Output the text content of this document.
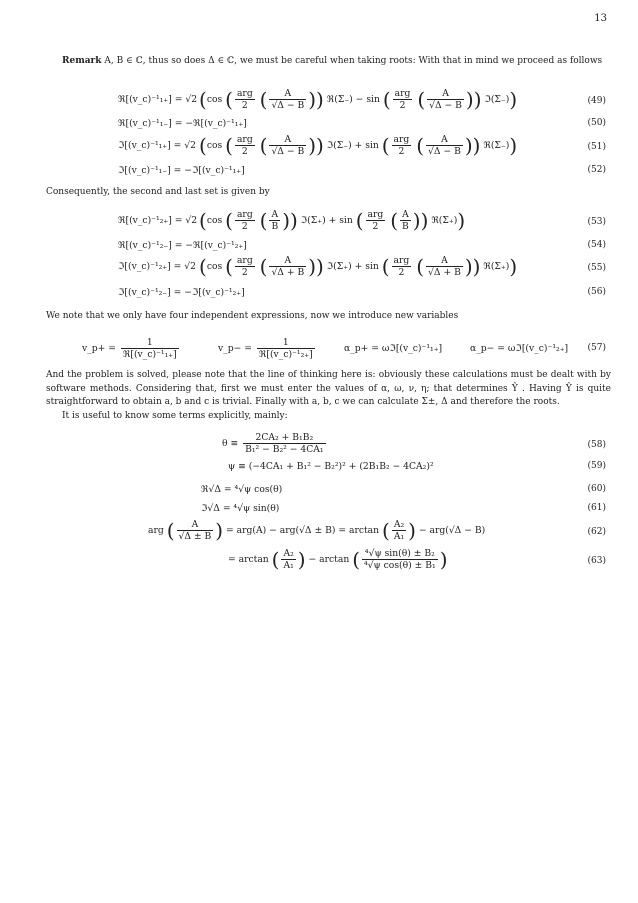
13
Remark A, B ∈ ℂ, thus so does Δ ∈ ℂ, we must be careful when taking roots: With that in mind we proceed as follows
ℜ[(v_c)⁻¹₁₊] = √2 (cos ( $\frac{\text{arg}}{2}$ ( $\frac{A}{√\Delta - B}$ )) ℜ(Σ₋) − sin ( $\frac{\text{arg}}{2}$ ( $\frac{A}{√\Delta - B}$ )) ℑ(Σ₋))	(49)
ℜ[(v_c)⁻¹₁₋] = −ℜ[(v_c)⁻¹₁₊]	(50)
ℑ[(v_c)⁻¹₁₊] = √2 (cos ( $\frac{\text{arg}}{2}$ ( $\frac{A}{√\Delta - B}$ )) ℑ(Σ₋) + sin ( $\frac{\text{arg}}{2}$ ( $\frac{A}{√\Delta - B}$ )) ℜ(Σ₋))	(51)
ℑ[(v_c)⁻¹₁₋] = −ℑ[(v_c)⁻¹₁₊]	(52)
Consequently, the second and last set is given by
ℜ[(v_c)⁻¹₂₊] = √2 (cos ( $\frac{\text{arg}}{2}$ ( $\frac{A}{B}$ )) ℑ(Σ₊) + sin ( $\frac{\text{arg}}{2}$ ( $\frac{A}{B}$ )) ℜ(Σ₊))	(53)
ℜ[(v_c)⁻¹₂₋] = −ℜ[(v_c)⁻¹₂₊]	(54)
ℑ[(v_c)⁻¹₂₊] = √2 (cos ( $\frac{\text{arg}}{2}$ ( $\frac{A}{√\Delta + B}$ )) ℑ(Σ₊) + sin ( $\frac{\text{arg}}{2}$ ( $\frac{A}{√\Delta + B}$ )) ℜ(Σ₊))	(55)
ℑ[(v_c)⁻¹₂₋] = −ℑ[(v_c)⁻¹₂₊]	(56)
We note that we only have four independent expressions, now we introduce new variables
v_p+ = $\frac{1}{\text{ℜ[(v\_c)⁻¹₁₊]}}$	v_p− = $\frac{1}{\text{ℜ[(v\_c)⁻¹₂₊]}}$	α_p+ = ωℑ[(v_c)⁻¹₁₊]	α_p− = ωℑ[(v_c)⁻¹₂₊] (57)
And the problem is solved, please note that the line of thinking here is: obviously these calculations must be dealt with by software methods. Considering that, first we must enter the values of α, ω, ν, η; that determines Ŷ . Having Ŷ is quite straightforward to obtain a, b and c is trivial. Finally with a, b, c we can calculate Σ±, Δ and therefore the roots.
It is useful to know some terms explicitly, mainly:
$\theta \equiv \frac{\text{2CA₂ + B₁B₂}}{\text{B₁² − B₂² − 4CA₁}}$	(58)
ψ ≡ (−4CA₁ + B₁² − B₂²)² + (2B₁B₂ − 4CA₂)²	(59)
ℜ√Δ = ⁴√ψ cos(θ)	(60)
ℑ√Δ = ⁴√ψ sin(θ)	(61)
arg ( $\frac{A}{√\Delta \pm B}$ ) = arg(A) − arg(√Δ ± B) = arctan ( $\frac{\text{A₂}}{\text{A₁}}$ ) − arg(√Δ − B)	(62)
= arctan ( $\frac{\text{A₂}}{\text{A₁}}$ ) − arctan ( $\frac{\text{⁴√ψ sin(θ) ± B₂}}{\text{⁴√ψ cos(θ) ± B₁}}$ )	(63)
